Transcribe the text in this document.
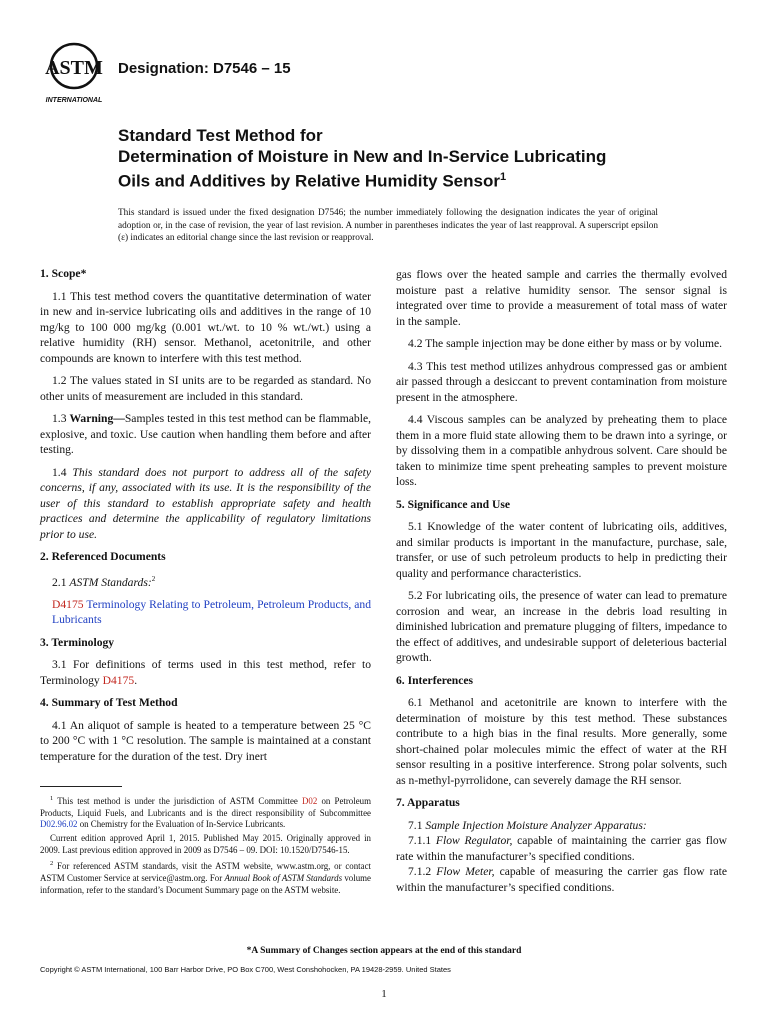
ASTM
INTERNATIONAL
Designation: D7546 – 15
Standard Test Method for
Determination of Moisture in New and In-Service Lubricating
Oils and Additives by Relative Humidity Sensor$^1$
This standard is issued under the fixed designation D7546; the number immediately following the designation indicates the year of original adoption or, in the case of revision, the year of last revision. A number in parentheses indicates the year of last reapproval. A superscript epsilon (ε) indicates an editorial change since the last revision or reapproval.
1. Scope*

1.1 This test method covers the quantitative determination of water in new and in-service lubricating oils and additives in the range of 10 mg/kg to 100 000 mg/kg (0.001 wt./wt. to 10 % wt./wt.) using a relative humidity (RH) sensor. Methanol, acetonitrile, and other compounds are known to interfere with this test method.

1.2 The values stated in SI units are to be regarded as standard. No other units of measurement are included in this standard.

1.3 Warning—Samples tested in this test method can be flammable, explosive, and toxic. Use caution when handling them before and after testing.

1.4 This standard does not purport to address all of the safety concerns, if any, associated with its use. It is the responsibility of the user of this standard to establish appropriate safety and health practices and determine the applicability of regulatory limitations prior to use.

2. Referenced Documents

2.1 ASTM Standards:$^2$

D4175 Terminology Relating to Petroleum, Petroleum Products, and Lubricants

3. Terminology

3.1 For definitions of terms used in this test method, refer to Terminology D4175.

4. Summary of Test Method

4.1 An aliquot of sample is heated to a temperature between 25 °C to 200 °C with 1 °C resolution. The sample is maintained at a constant temperature for the duration of the test. Dry inert

$^1$ This test method is under the jurisdiction of ASTM Committee D02 on Petroleum Products, Liquid Fuels, and Lubricants and is the direct responsibility of Subcommittee D02.96.02 on Chemistry for the Evaluation of In-Service Lubricants.

Current edition approved April 1, 2015. Published May 2015. Originally approved in 2009. Last previous edition approved in 2009 as D7546 – 09. DOI: 10.1520/D7546-15.

$^2$ For referenced ASTM standards, visit the ASTM website, www.astm.org, or contact ASTM Customer Service at service@astm.org. For Annual Book of ASTM Standards volume information, refer to the standard’s Document Summary page on the ASTM website.

gas flows over the heated sample and carries the thermally evolved moisture past a relative humidity sensor. The sensor signal is integrated over time to provide a measurement of total mass of water in the sample.

4.2 The sample injection may be done either by mass or by volume.

4.3 This test method utilizes anhydrous compressed gas or ambient air passed through a desiccant to prevent contamination from moisture present in the atmosphere.

4.4 Viscous samples can be analyzed by preheating them to place them in a more fluid state allowing them to be drawn into a syringe, or by dissolving them in a compatible anhydrous solvent. Care should be taken to minimize time spent preheating samples to prevent moisture loss.

5. Significance and Use

5.1 Knowledge of the water content of lubricating oils, additives, and similar products is important in the manufacture, purchase, sale, transfer, or use of such petroleum products to help in predicting their quality and performance characteristics.

5.2 For lubricating oils, the presence of water can lead to premature corrosion and wear, an increase in the debris load resulting in diminished lubrication and premature plugging of filters, impedance to the effect of additives, and undesirable support of deleterious bacterial growth.

6. Interferences

6.1 Methanol and acetonitrile are known to interfere with the determination of moisture by this test method. These substances contribute to a high bias in the final results. More generally, some short-chained polar molecules mimic the effect of water at the RH sensor resulting in a positive interference. Strong polar solvents, such as n-methyl-pyrrolidone, can severely damage the RH sensor.

7. Apparatus

7.1 Sample Injection Moisture Analyzer Apparatus:

7.1.1 Flow Regulator, capable of maintaining the carrier gas flow rate within the manufacturer’s specified conditions.

7.1.2 Flow Meter, capable of measuring the carrier gas flow rate within the manufacturer’s specified conditions.

*A Summary of Changes section appears at the end of this standard
Copyright © ASTM International, 100 Barr Harbor Drive, PO Box C700, West Conshohocken, PA 19428-2959. United States
1
